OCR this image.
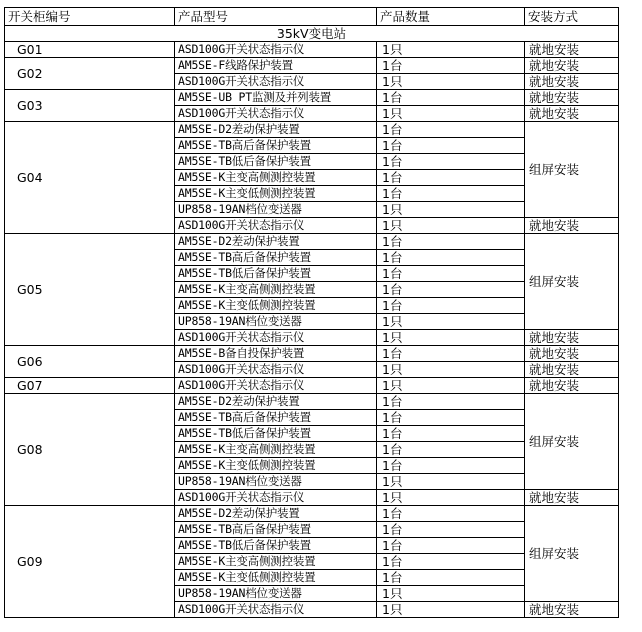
开关柜编号	产品型号	产品数量	安装方式
35kV变电站			
G01	ASD100G开关状态指示仪	1只	就地安装
G02	AM5SE-F线路保护装置	1台	就地安装
	ASD100G开关状态指示仪	1只	就地安装
G03	AM5SE-UB PT监测及并列装置	1台	就地安装
	ASD100G开关状态指示仪	1只	就地安装
G04	AM5SE-D2差动保护装置	1台	组屏安装
	AM5SE-TB高后备保护装置	1台	
	AM5SE-TB低后备保护装置	1台	
	AM5SE-K主变高侧测控装置	1台	
	AM5SE-K主变低侧测控装置	1台	
	UP858-19AN档位变送器	1只	
	ASD100G开关状态指示仪	1只	就地安装
G05	AM5SE-D2差动保护装置	1台	组屏安装
	AM5SE-TB高后备保护装置	1台	
	AM5SE-TB低后备保护装置	1台	
	AM5SE-K主变高侧测控装置	1台	
	AM5SE-K主变低侧测控装置	1台	
	UP858-19AN档位变送器	1只	
	ASD100G开关状态指示仪	1只	就地安装
G06	AM5SE-B备自投保护装置	1台	就地安装
	ASD100G开关状态指示仪	1只	就地安装
G07	ASD100G开关状态指示仪	1只	就地安装
G08	AM5SE-D2差动保护装置	1台	组屏安装
	AM5SE-TB高后备保护装置	1台	
	AM5SE-TB低后备保护装置	1台	
	AM5SE-K主变高侧测控装置	1台	
	AM5SE-K主变低侧测控装置	1台	
	UP858-19AN档位变送器	1只	
	ASD100G开关状态指示仪	1只	就地安装
G09	AM5SE-D2差动保护装置	1台	组屏安装
	AM5SE-TB高后备保护装置	1台	
	AM5SE-TB低后备保护装置	1台	
	AM5SE-K主变高侧测控装置	1台	
	AM5SE-K主变低侧测控装置	1台	
	UP858-19AN档位变送器	1只	
	ASD100G开关状态指示仪	1只	就地安装
